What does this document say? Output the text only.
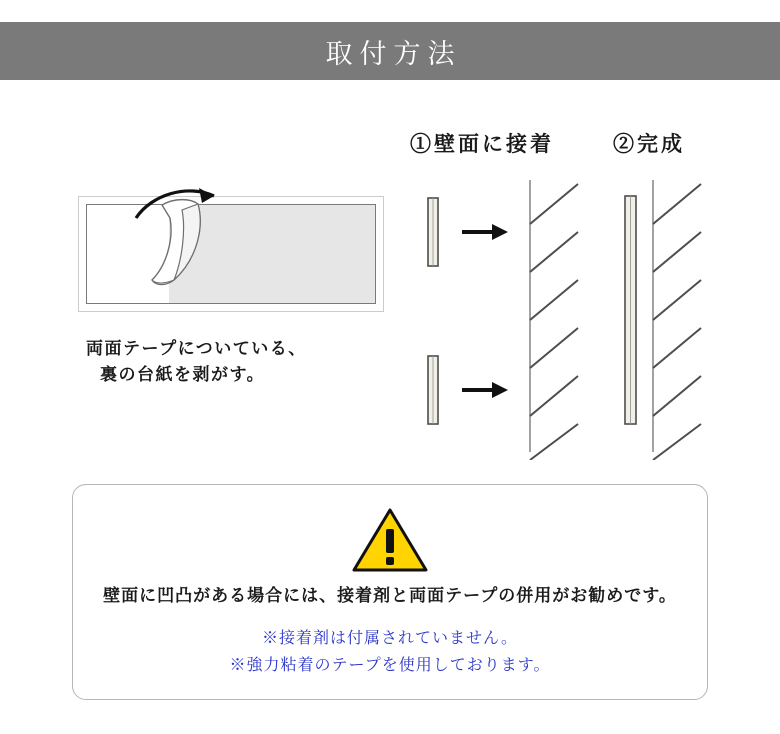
取付方法
①壁面に接着	②完成
両面テープについている、
裏の台紙を剥がす。
壁面に凹凸がある場合には、接着剤と両面テープの併用がお勧めです。
※接着剤は付属されていません。
※強力粘着のテープを使用しております。
